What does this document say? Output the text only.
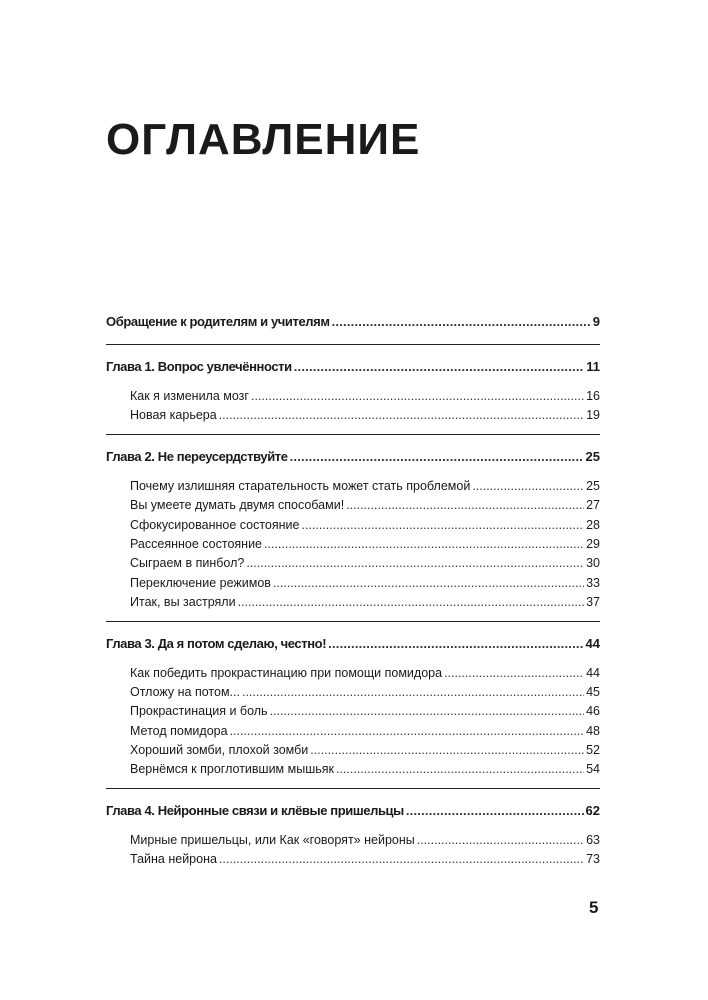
ОГЛАВЛЕНИЕ
Обращение к родителям и учителям .....	9
Глава 1. Вопрос увлечённости .....	11
Как я изменила мозг .....	16
Новая карьера .....	19
Глава 2. Не переусердствуйте .....	25
Почему излишняя старательность может стать проблемой .....	25
Вы умеете думать двумя способами! .....	27
Сфокусированное состояние .....	28
Рассеянное состояние .....	29
Сыграем в пинбол? .....	30
Переключение режимов .....	33
Итак, вы застряли .....	37
Глава 3. Да я потом сделаю, честно! .....	44
Как победить прокрастинацию при помощи помидора .....	44
Отложу на потом... .....	45
Прокрастинация и боль .....	46
Метод помидора .....	48
Хороший зомби, плохой зомби .....	52
Вернёмся к проглотившим мышьяк .....	54
Глава 4. Нейронные связи и клёвые пришельцы .....	62
Мирные пришельцы, или Как «говорят» нейроны .....	63
Тайна нейрона .....	73
5
